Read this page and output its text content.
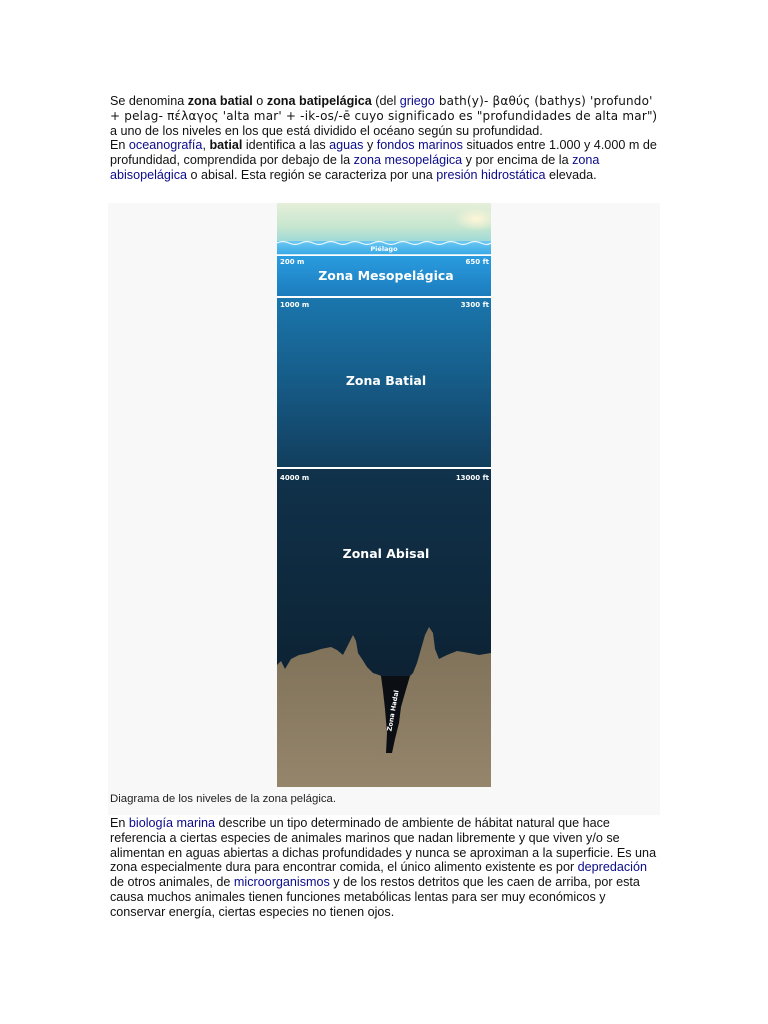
Se denomina zona batial o zona batipelágica (del griego bath(y)- βαθύς (bathys) 'profundo' + pelag- πέλαγος 'alta mar' + -ik-os/-ē cuyo significado es "profundidades de alta mar") a uno de los niveles en los que está dividido el océano según su profundidad.
En oceanografía, batial identifica a las aguas y fondos marinos situados entre 1.000 y 4.000 m de profundidad, comprendida por debajo de la zona mesopelágica y por encima de la zona abisopelágica o abisal. Esta región se caracteriza por una presión hidrostática elevada.

Piélago
200 m	650 ft
Zona Mesopelágica
1000 m	3300 ft
Zona Batial
4000 m	13000 ft
Zonal Abisal
Zona Hadal
Diagrama de los niveles de la zona pelágica.

En biología marina describe un tipo determinado de ambiente de hábitat natural que hace referencia a ciertas especies de animales marinos que nadan libremente y que viven y/o se alimentan en aguas abiertas a dichas profundidades y nunca se aproximan a la superficie. Es una zona especialmente dura para encontrar comida, el único alimento existente es por depredación de otros animales, de microorganismos y de los restos detritos que les caen de arriba, por esta causa muchos animales tienen funciones metabólicas lentas para ser muy económicos y conservar energía, ciertas especies no tienen ojos.
